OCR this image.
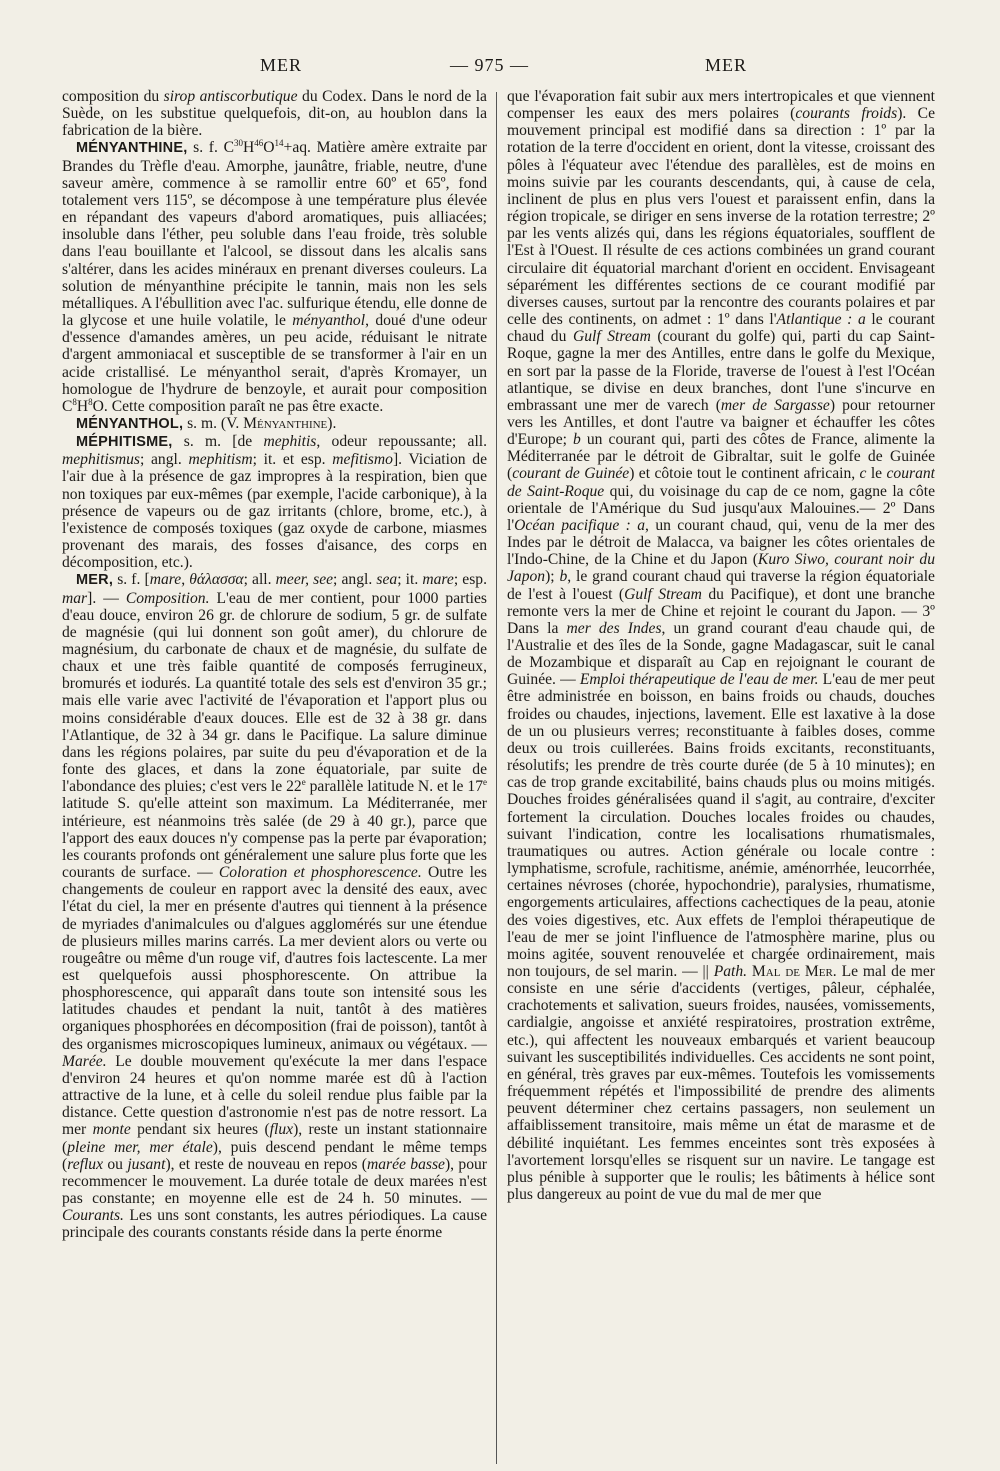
MER	— 975 —	MER

composition du sirop antiscorbutique du Codex. Dans le nord de la Suède, on les substitue quelquefois, dit-on, au houblon dans la fabrication de la bière.

MÉNYANTHINE, s. f. $C^{30}H^{46}O^{14}+aq$. Matière amère extraite par Brandes du Trèfle d'eau. Amorphe, jaunâtre, friable, neutre, d'une saveur amère, commence à se ramollir entre 60º et 65º, fond totalement vers 115º, se décompose à une température plus élevée en répandant des vapeurs d'abord aromatiques, puis alliacées; insoluble dans l'éther, peu soluble dans l'eau froide, très soluble dans l'eau bouillante et l'alcool, se dissout dans les alcalis sans s'altérer, dans les acides minéraux en prenant diverses couleurs. La solution de ményanthine précipite le tannin, mais non les sels métalliques. A l'ébullition avec l'ac. sulfurique étendu, elle donne de la glycose et une huile volatile, le ményanthol, doué d'une odeur d'essence d'amandes amères, un peu acide, réduisant le nitrate d'argent ammoniacal et susceptible de se transformer à l'air en un acide cristallisé. Le ményanthol serait, d'après Kromayer, un homologue de l'hydrure de benzoyle, et aurait pour composition $C^8H^8O$. Cette composition paraît ne pas être exacte.

MÉNYANTHOL, s. m. (V. Ményanthine).

MÉPHITISME, s. m. [de mephitis, odeur repoussante; all. mephitismus; angl. mephitism; it. et esp. mefitismo]. Viciation de l'air due à la présence de gaz impropres à la respiration, bien que non toxiques par eux-mêmes (par exemple, l'acide carbonique), à la présence de vapeurs ou de gaz irritants (chlore, brome, etc.), à l'existence de composés toxiques (gaz oxyde de carbone, miasmes provenant des marais, des fosses d'aisance, des corps en décomposition, etc.).

MER, s. f. [mare, θάλασσα; all. meer, see; angl. sea; it. mare; esp. mar]. — Composition. L'eau de mer contient, pour 1000 parties d'eau douce, environ 26 gr. de chlorure de sodium, 5 gr. de sulfate de magnésie (qui lui donnent son goût amer), du chlorure de magnésium, du carbonate de chaux et de magnésie, du sulfate de chaux et une très faible quantité de composés ferrugineux, bromurés et iodurés. La quantité totale des sels est d'environ 35 gr.; mais elle varie avec l'activité de l'évaporation et l'apport plus ou moins considérable d'eaux douces. Elle est de 32 à 38 gr. dans l'Atlantique, de 32 à 34 gr. dans le Pacifique. La salure diminue dans les régions polaires, par suite du peu d'évaporation et de la fonte des glaces, et dans la zone équatoriale, par suite de l'abondance des pluies; c'est vers le 22e parallèle latitude N. et le 17e latitude S. qu'elle atteint son maximum. La Méditerranée, mer intérieure, est néanmoins très salée (de 29 à 40 gr.), parce que l'apport des eaux douces n'y compense pas la perte par évaporation; les courants profonds ont généralement une salure plus forte que les courants de surface. — Coloration et phosphorescence. Outre les changements de couleur en rapport avec la densité des eaux, avec l'état du ciel, la mer en présente d'autres qui tiennent à la présence de myriades d'animalcules ou d'algues agglomérés sur une étendue de plusieurs milles marins carrés. La mer devient alors ou verte ou rougeâtre ou même d'un rouge vif, d'autres fois lactescente. La mer est quelquefois aussi phosphorescente. On attribue la phosphorescence, qui apparaît dans toute son intensité sous les latitudes chaudes et pendant la nuit, tantôt à des matières organiques phosphorées en décomposition (frai de poisson), tantôt à des organismes microscopiques lumineux, animaux ou végétaux. — Marée. Le double mouvement qu'exécute la mer dans l'espace d'environ 24 heures et qu'on nomme marée est dû à l'action attractive de la lune, et à celle du soleil rendue plus faible par la distance. Cette question d'astronomie n'est pas de notre ressort. La mer monte pendant six heures (flux), reste un instant stationnaire (pleine mer, mer étale), puis descend pendant le même temps (reflux ou jusant), et reste de nouveau en repos (marée basse), pour recommencer le mouvement. La durée totale de deux marées n'est pas constante; en moyenne elle est de 24 h. 50 minutes. — Courants. Les uns sont constants, les autres périodiques. La cause principale des courants constants réside dans la perte énorme

que l'évaporation fait subir aux mers intertropicales et que viennent compenser les eaux des mers polaires (courants froids). Ce mouvement principal est modifié dans sa direction : 1º par la rotation de la terre d'occident en orient, dont la vitesse, croissant des pôles à l'équateur avec l'étendue des parallèles, est de moins en moins suivie par les courants descendants, qui, à cause de cela, inclinent de plus en plus vers l'ouest et paraissent enfin, dans la région tropicale, se diriger en sens inverse de la rotation terrestre; 2º par les vents alizés qui, dans les régions équatoriales, soufflent de l'Est à l'Ouest. Il résulte de ces actions combinées un grand courant circulaire dit équatorial marchant d'orient en occident. Envisageant séparément les différentes sections de ce courant modifié par diverses causes, surtout par la rencontre des courants polaires et par celle des continents, on admet : 1º dans l'Atlantique : a le courant chaud du Gulf Stream (courant du golfe) qui, parti du cap Saint-Roque, gagne la mer des Antilles, entre dans le golfe du Mexique, en sort par la passe de la Floride, traverse de l'ouest à l'est l'Océan atlantique, se divise en deux branches, dont l'une s'incurve en embrassant une mer de varech (mer de Sargasse) pour retourner vers les Antilles, et dont l'autre va baigner et échauffer les côtes d'Europe; b un courant qui, parti des côtes de France, alimente la Méditerranée par le détroit de Gibraltar, suit le golfe de Guinée (courant de Guinée) et côtoie tout le continent africain, c le courant de Saint-Roque qui, du voisinage du cap de ce nom, gagne la côte orientale de l'Amérique du Sud jusqu'aux Malouines.— 2º Dans l'Océan pacifique : a, un courant chaud, qui, venu de la mer des Indes par le détroit de Malacca, va baigner les côtes orientales de l'Indo-Chine, de la Chine et du Japon (Kuro Siwo, courant noir du Japon); b, le grand courant chaud qui traverse la région équatoriale de l'est à l'ouest (Gulf Stream du Pacifique), et dont une branche remonte vers la mer de Chine et rejoint le courant du Japon. — 3º Dans la mer des Indes, un grand courant d'eau chaude qui, de l'Australie et des îles de la Sonde, gagne Madagascar, suit le canal de Mozambique et disparaît au Cap en rejoignant le courant de Guinée. — Emploi thérapeutique de l'eau de mer. L'eau de mer peut être administrée en boisson, en bains froids ou chauds, douches froides ou chaudes, injections, lavement. Elle est laxative à la dose de un ou plusieurs verres; reconstituante à faibles doses, comme deux ou trois cuillerées. Bains froids excitants, reconstituants, résolutifs; les prendre de très courte durée (de 5 à 10 minutes); en cas de trop grande excitabilité, bains chauds plus ou moins mitigés. Douches froides généralisées quand il s'agit, au contraire, d'exciter fortement la circulation. Douches locales froides ou chaudes, suivant l'indication, contre les localisations rhumatismales, traumatiques ou autres. Action générale ou locale contre : lymphatisme, scrofule, rachitisme, anémie, aménorrhée, leucorrhée, certaines névroses (chorée, hypochondrie), paralysies, rhumatisme, engorgements articulaires, affections cachectiques de la peau, atonie des voies digestives, etc. Aux effets de l'emploi thérapeutique de l'eau de mer se joint l'influence de l'atmosphère marine, plus ou moins agitée, souvent renouvelée et chargée ordinairement, mais non toujours, de sel marin. — || Path. Mal de Mer. Le mal de mer consiste en une série d'accidents (vertiges, pâleur, céphalée, crachotements et salivation, sueurs froides, nausées, vomissements, cardialgie, angoisse et anxiété respiratoires, prostration extrême, etc.), qui affectent les nouveaux embarqués et varient beaucoup suivant les susceptibilités individuelles. Ces accidents ne sont point, en général, très graves par eux-mêmes. Toutefois les vomissements fréquemment répétés et l'impossibilité de prendre des aliments peuvent déterminer chez certains passagers, non seulement un affaiblissement transitoire, mais même un état de marasme et de débilité inquiétant. Les femmes enceintes sont très exposées à l'avortement lorsqu'elles se risquent sur un navire. Le tangage est plus pénible à supporter que le roulis; les bâtiments à hélice sont plus dangereux au point de vue du mal de mer que
